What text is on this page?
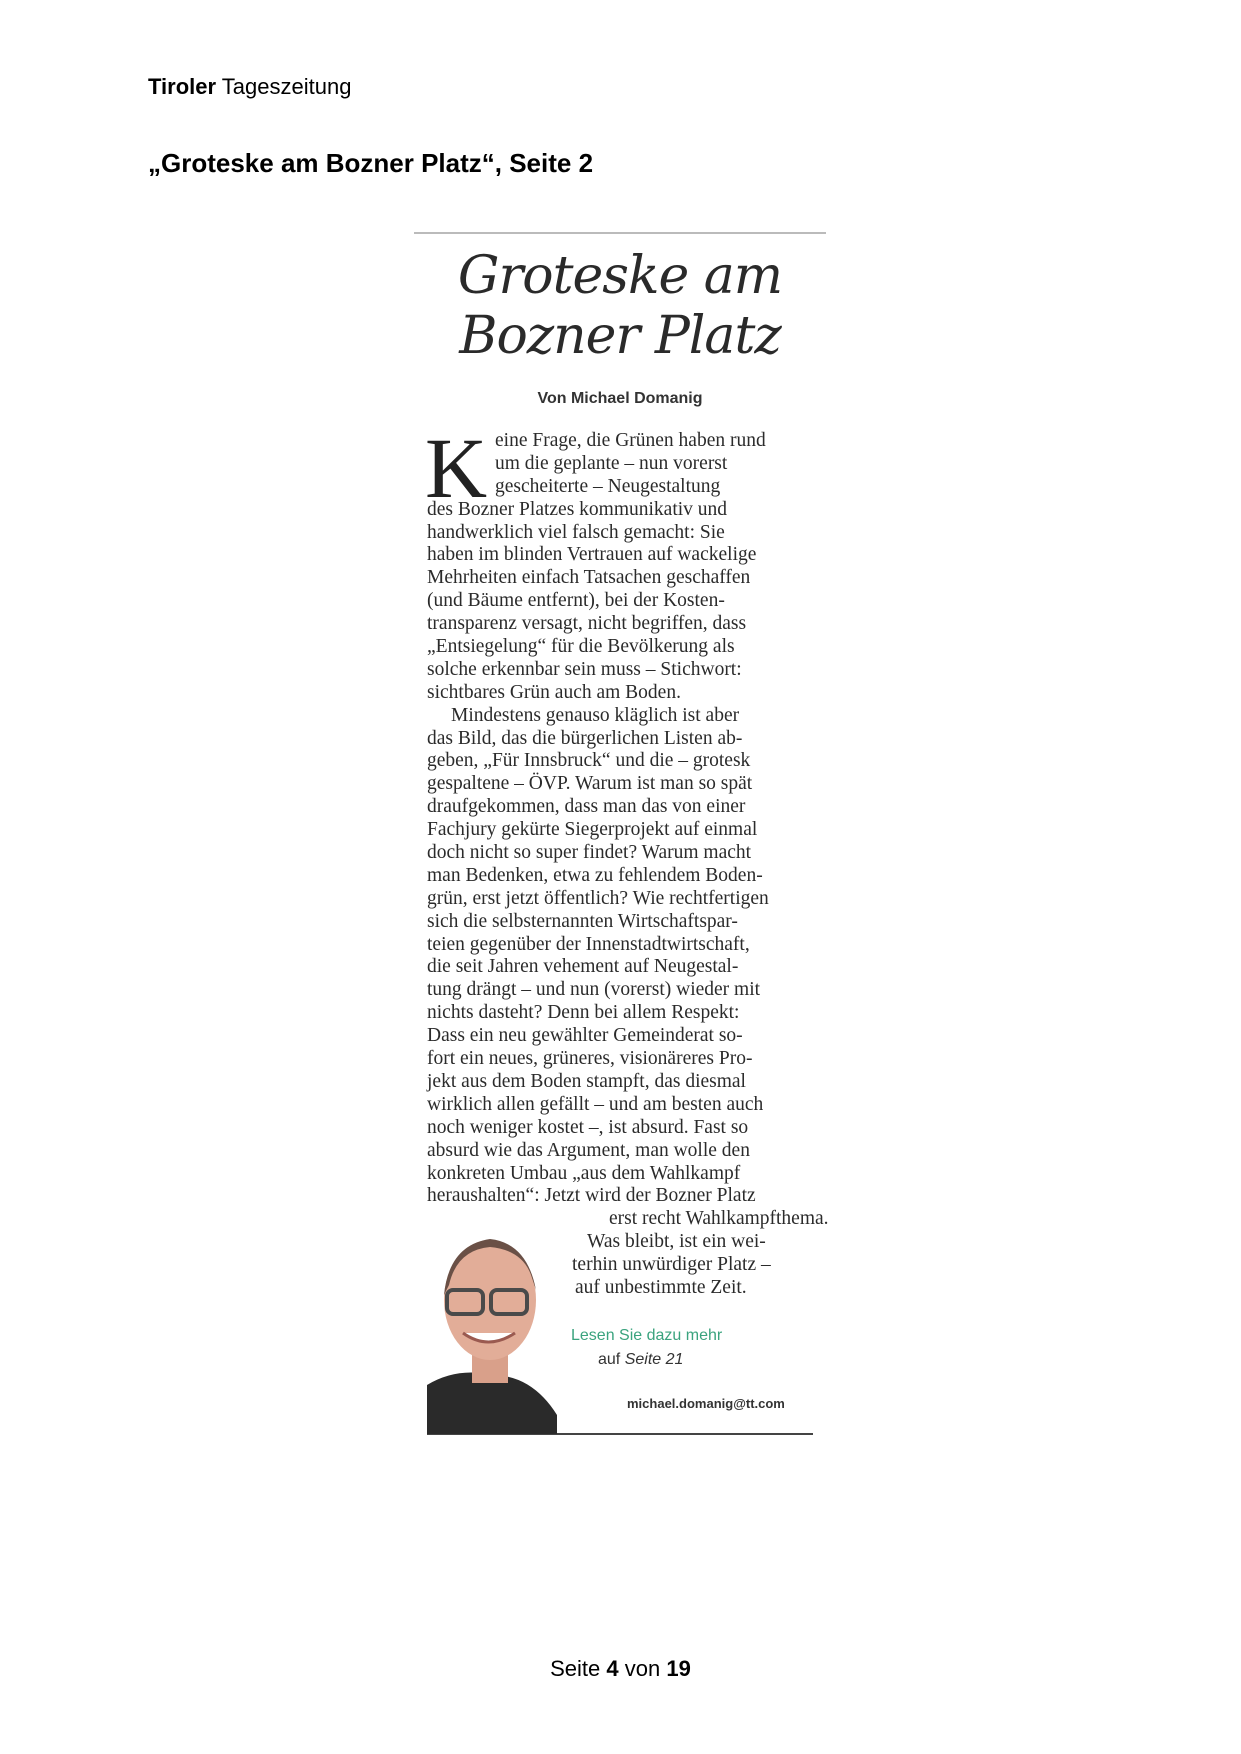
Tiroler Tageszeitung
„Groteske am Bozner Platz“, Seite 2
Groteske am
Bozner Platz
Von Michael Domanig
K eine Frage, die Grünen haben rund
um die geplante – nun vorerst
gescheiterte – Neugestaltung
des Bozner Platzes kommunikativ und
handwerklich viel falsch gemacht: Sie
haben im blinden Vertrauen auf wackelige
Mehrheiten einfach Tatsachen geschaffen
(und Bäume entfernt), bei der Kosten-
transparenz versagt, nicht begriffen, dass
„Entsiegelung“ für die Bevölkerung als
solche erkennbar sein muss – Stichwort:
sichtbares Grün auch am Boden.
Mindestens genauso kläglich ist aber
das Bild, das die bürgerlichen Listen ab-
geben, „Für Innsbruck“ und die – grotesk
gespaltene – ÖVP. Warum ist man so spät
draufgekommen, dass man das von einer
Fachjury gekürte Siegerprojekt auf einmal
doch nicht so super findet? Warum macht
man Bedenken, etwa zu fehlendem Boden-
grün, erst jetzt öffentlich? Wie rechtfertigen
sich die selbsternannten Wirtschaftspar-
teien gegenüber der Innenstadtwirtschaft,
die seit Jahren vehement auf Neugestal-
tung drängt – und nun (vorerst) wieder mit
nichts dasteht? Denn bei allem Respekt:
Dass ein neu gewählter Gemeinderat so-
fort ein neues, grüneres, visionäreres Pro-
jekt aus dem Boden stampft, das diesmal
wirklich allen gefällt – und am besten auch
noch weniger kostet –, ist absurd. Fast so
absurd wie das Argument, man wolle den
konkreten Umbau „aus dem Wahlkampf
heraushalten“: Jetzt wird der Bozner Platz
erst recht Wahlkampfthema.
Was bleibt, ist ein wei-
terhin unwürdiger Platz –
auf unbestimmte Zeit.
Lesen Sie dazu mehr
auf Seite 21
michael.domanig@tt.com
Seite 4 von 19
